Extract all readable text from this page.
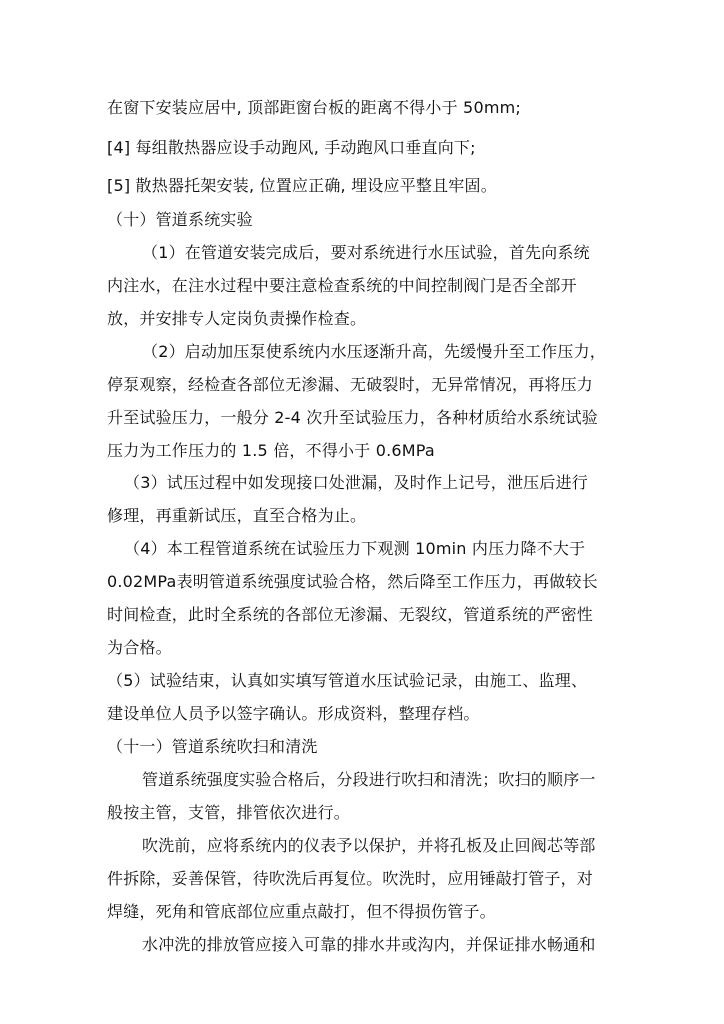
在窗下安装应居中, 顶部距窗台板的距离不得小于 50mm;
[4] 每组散热器应设手动跑风, 手动跑风口垂直向下;
[5] 散热器托架安装, 位置应正确, 埋设应平整且牢固。
（十）管道系统实验
（1）在管道安装完成后，要对系统进行水压试验，首先向系统
内注水，在注水过程中要注意检查系统的中间控制阀门是否全部开
放，并安排专人定岗负责操作检查。
（2）启动加压泵使系统内水压逐渐升高，先缓慢升至工作压力，
停泵观察，经检查各部位无渗漏、无破裂时，无异常情况，再将压力
升至试验压力，一般分 2-4 次升至试验压力，各种材质给水系统试验
压力为工作压力的 1.5 倍，不得小于 0.6MPa
（3）试压过程中如发现接口处泄漏，及时作上记号，泄压后进行
修理，再重新试压，直至合格为止。
（4）本工程管道系统在试验压力下观测 10min 内压力降不大于
0.02MPa表明管道系统强度试验合格，然后降至工作压力，再做较长
时间检查，此时全系统的各部位无渗漏、无裂纹，管道系统的严密性
为合格。
（5）试验结束，认真如实填写管道水压试验记录，由施工、监理、
建设单位人员予以签字确认。形成资料，整理存档。
（十一）管道系统吹扫和清洗
管道系统强度实验合格后，分段进行吹扫和清洗；吹扫的顺序一
般按主管，支管，排管依次进行。
吹洗前，应将系统内的仪表予以保护，并将孔板及止回阀芯等部
件拆除，妥善保管，待吹洗后再复位。吹洗时，应用锤敲打管子，对
焊缝，死角和管底部位应重点敲打，但不得损伤管子。
水冲洗的排放管应接入可靠的排水井或沟内，并保证排水畅通和
